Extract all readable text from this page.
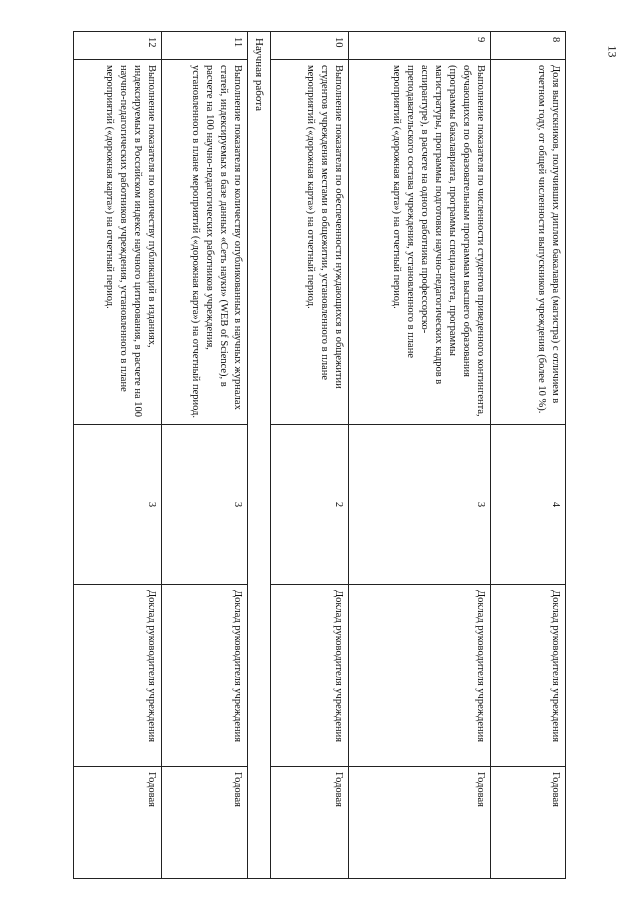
13
8	Доля выпускников, получивших диплом бакалавра (магистра) с отличием в отчетном году, от общей численности выпускников учреждения (более 10 %).	4	Доклад руководителя учреждения	Годовая
9	Выполнение показателя по численности студентов приведенного контингента, обучающихся по образовательным программам высшего образования (программы бакалавриата, программы специалитета, программы магистратуры, программы подготовки научно-педагогических кадров в аспирантуре), в расчете на одного работника профессорско-преподавательского состава учреждения, установленного в плане мероприятий («дорожная карта») на отчетный период.	3	Доклад руководителя учреждения	Годовая
10	Выполнение показателя по обеспеченности нуждающихся в общежитии студентов учреждения местами в общежитии, установленного в плане мероприятий («дорожная карта») на отчетный период.	2	Доклад руководителя учреждения	Годовая
Научная работа				
11	Выполнение показателя по количеству опубликованных в научных журналах статей, индексируемых в базе данных «Сеть науки» (WEB of Science), в расчете на 100 научно-педагогических работников учреждения, установленного в плане мероприятий («дорожная карта») на отчетный период.	3	Доклад руководителя учреждения	Годовая
12	Выполнение показателя по количеству публикаций в изданиях, индексируемых в Российском индексе научного цитирования, в расчете на 100 научно-педагогических работников учреждения, установленного в плане мероприятий («дорожная карта») на отчетный период.	3	Доклад руководителя учреждения	Годовая
